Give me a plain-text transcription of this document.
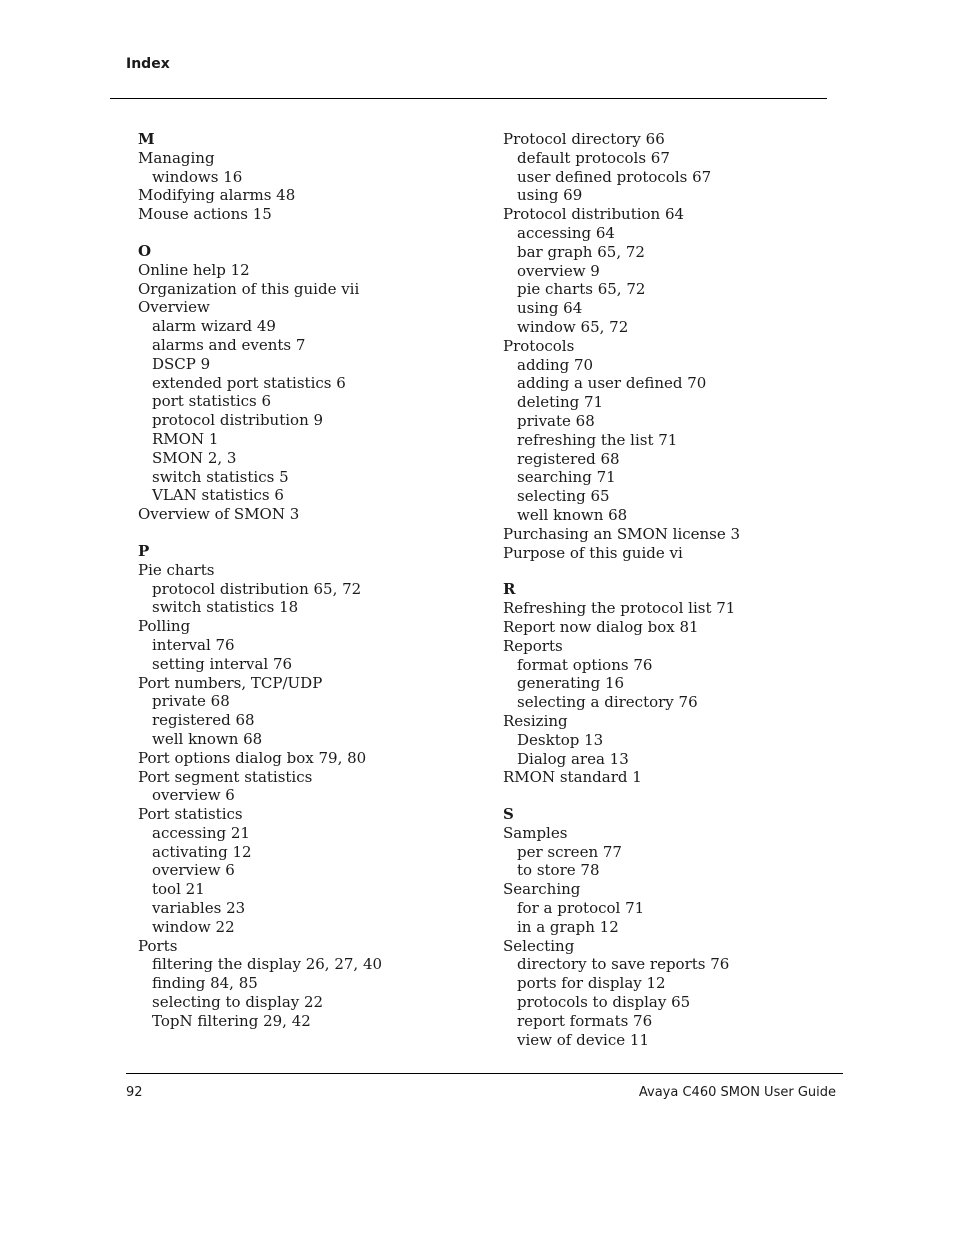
Index
M
Managing
windows 16
Modifying alarms 48
Mouse actions 15
O
Online help 12
Organization of this guide vii
Overview
alarm wizard 49
alarms and events 7
DSCP 9
extended port statistics 6
port statistics 6
protocol distribution 9
RMON 1
SMON 2, 3
switch statistics 5
VLAN statistics 6
Overview of SMON 3
P
Pie charts
protocol distribution 65, 72
switch statistics 18
Polling
interval 76
setting interval 76
Port numbers, TCP/UDP
private 68
registered 68
well known 68
Port options dialog box 79, 80
Port segment statistics
overview 6
Port statistics
accessing 21
activating 12
overview 6
tool 21
variables 23
window 22
Ports
filtering the display 26, 27, 40
finding 84, 85
selecting to display 22
TopN filtering 29, 42
Protocol directory 66
default protocols 67
user defined protocols 67
using 69
Protocol distribution 64
accessing 64
bar graph 65, 72
overview 9
pie charts 65, 72
using 64
window 65, 72
Protocols
adding 70
adding a user defined 70
deleting 71
private 68
refreshing the list 71
registered 68
searching 71
selecting 65
well known 68
Purchasing an SMON license 3
Purpose of this guide vi
R
Refreshing the protocol list 71
Report now dialog box 81
Reports
format options 76
generating 16
selecting a directory 76
Resizing
Desktop 13
Dialog area 13
RMON standard 1
S
Samples
per screen 77
to store 78
Searching
for a protocol 71
in a graph 12
Selecting
directory to save reports 76
ports for display 12
protocols to display 65
report formats 76
view of device 11
92	Avaya C460 SMON User Guide
